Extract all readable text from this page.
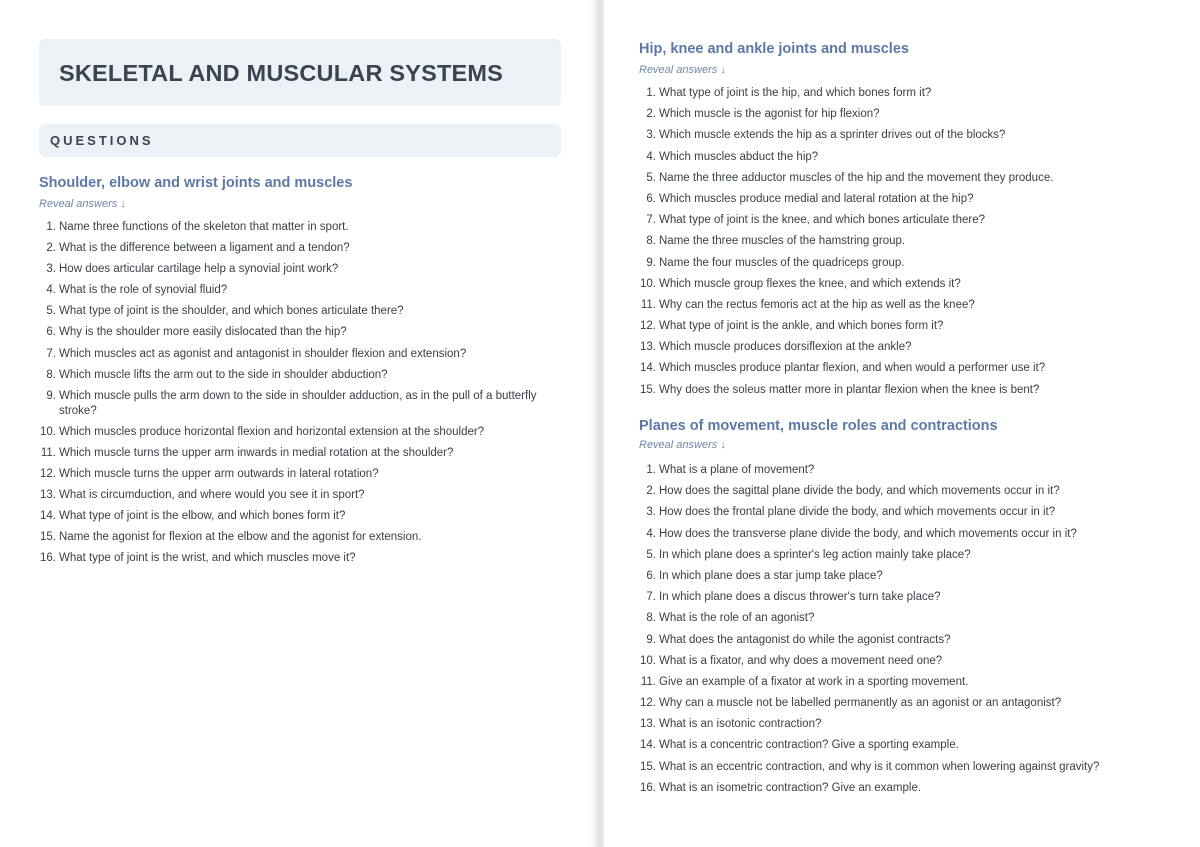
SKELETAL AND MUSCULAR SYSTEMS
QUESTIONS
Shoulder, elbow and wrist joints and muscles
Reveal answers ↓
1. Name three functions of the skeleton that matter in sport.
2. What is the difference between a ligament and a tendon?
3. How does articular cartilage help a synovial joint work?
4. What is the role of synovial fluid?
5. What type of joint is the shoulder, and which bones articulate there?
6. Why is the shoulder more easily dislocated than the hip?
7. Which muscles act as agonist and antagonist in shoulder flexion and extension?
8. Which muscle lifts the arm out to the side in shoulder abduction?
9. Which muscle pulls the arm down to the side in shoulder adduction, as in the pull of a butterfly stroke?
10. Which muscles produce horizontal flexion and horizontal extension at the shoulder?
11. Which muscle turns the upper arm inwards in medial rotation at the shoulder?
12. Which muscle turns the upper arm outwards in lateral rotation?
13. What is circumduction, and where would you see it in sport?
14. What type of joint is the elbow, and which bones form it?
15. Name the agonist for flexion at the elbow and the agonist for extension.
16. What type of joint is the wrist, and which muscles move it?
Hip, knee and ankle joints and muscles
Reveal answers ↓
1. What type of joint is the hip, and which bones form it?
2. Which muscle is the agonist for hip flexion?
3. Which muscle extends the hip as a sprinter drives out of the blocks?
4. Which muscles abduct the hip?
5. Name the three adductor muscles of the hip and the movement they produce.
6. Which muscles produce medial and lateral rotation at the hip?
7. What type of joint is the knee, and which bones articulate there?
8. Name the three muscles of the hamstring group.
9. Name the four muscles of the quadriceps group.
10. Which muscle group flexes the knee, and which extends it?
11. Why can the rectus femoris act at the hip as well as the knee?
12. What type of joint is the ankle, and which bones form it?
13. Which muscle produces dorsiflexion at the ankle?
14. Which muscles produce plantar flexion, and when would a performer use it?
15. Why does the soleus matter more in plantar flexion when the knee is bent?
Planes of movement, muscle roles and contractions
Reveal answers ↓
1. What is a plane of movement?
2. How does the sagittal plane divide the body, and which movements occur in it?
3. How does the frontal plane divide the body, and which movements occur in it?
4. How does the transverse plane divide the body, and which movements occur in it?
5. In which plane does a sprinter's leg action mainly take place?
6. In which plane does a star jump take place?
7. In which plane does a discus thrower's turn take place?
8. What is the role of an agonist?
9. What does the antagonist do while the agonist contracts?
10. What is a fixator, and why does a movement need one?
11. Give an example of a fixator at work in a sporting movement.
12. Why can a muscle not be labelled permanently as an agonist or an antagonist?
13. What is an isotonic contraction?
14. What is a concentric contraction? Give a sporting example.
15. What is an eccentric contraction, and why is it common when lowering against gravity?
16. What is an isometric contraction? Give an example.
